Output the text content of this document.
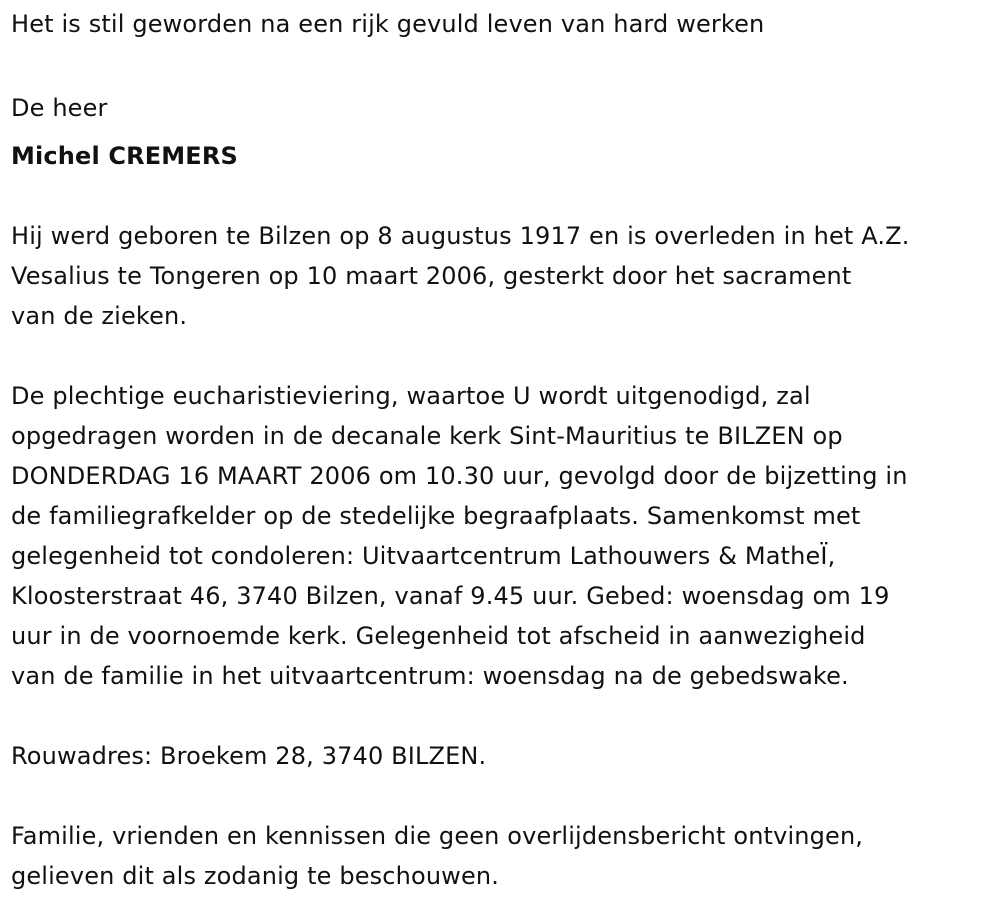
Het is stil geworden na een rijk gevuld leven van hard werken
De heer
Michel CREMERS
Hij werd geboren te Bilzen op 8 augustus 1917 en is overleden in het A.Z.
Vesalius te Tongeren op 10 maart 2006, gesterkt door het sacrament
van de zieken.
De plechtige eucharistieviering, waartoe U wordt uitgenodigd, zal
opgedragen worden in de decanale kerk Sint-Mauritius te BILZEN op
DONDERDAG 16 MAART 2006 om 10.30 uur, gevolgd door de bijzetting in
de familiegrafkelder op de stedelijke begraafplaats. Samenkomst met
gelegenheid tot condoleren: Uitvaartcentrum Lathouwers & MatheÏ,
Kloosterstraat 46, 3740 Bilzen, vanaf 9.45 uur. Gebed: woensdag om 19
uur in de voornoemde kerk. Gelegenheid tot afscheid in aanwezigheid
van de familie in het uitvaartcentrum: woensdag na de gebedswake.
Rouwadres: Broekem 28, 3740 BILZEN.
Familie, vrienden en kennissen die geen overlijdensbericht ontvingen,
gelieven dit als zodanig te beschouwen.
